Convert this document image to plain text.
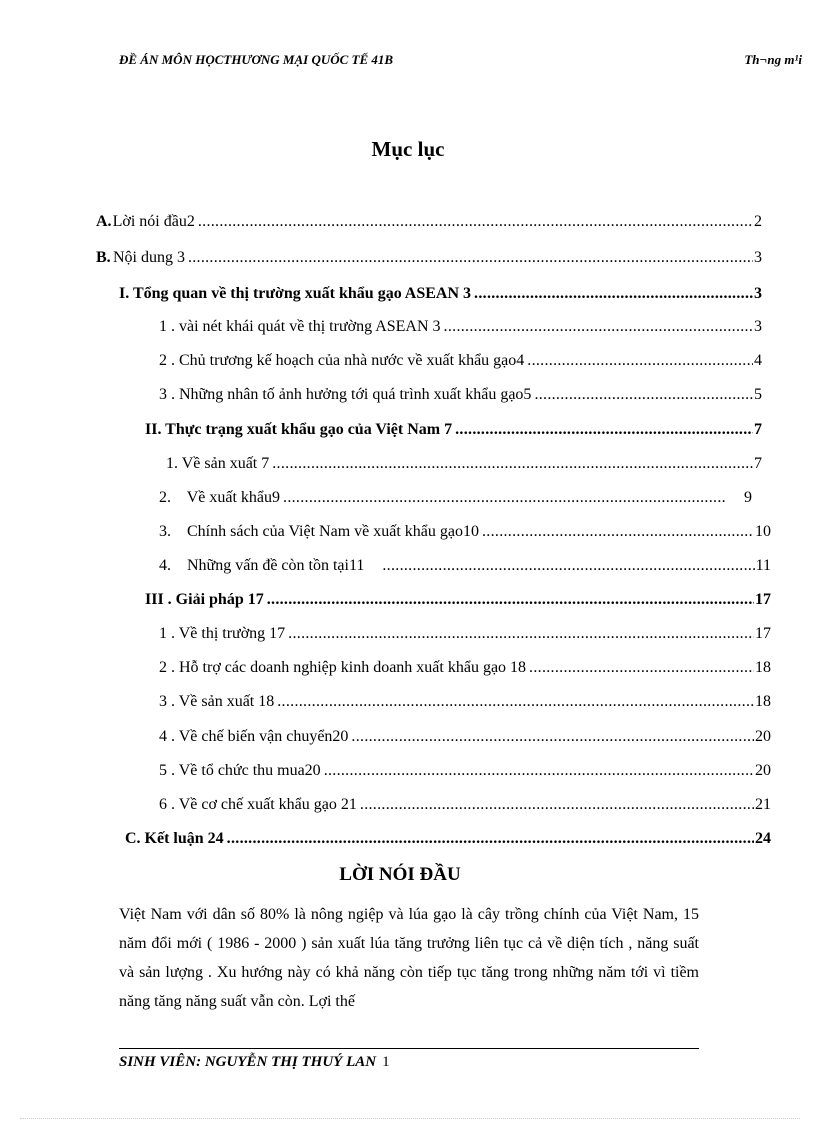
ĐỀ ÁN MÔN HỌCTHƯƠNG MẠI QUỐC TẾ 41B	Th¬ng m¹i
Mục lục
A. Lời nói đầu2 .....	2
B. Nội dung 3 .....	3
I. Tổng quan về thị trường xuất khẩu gạo ASEAN 3 .....	3
1 . vài nét khái quát về thị trường ASEAN 3 .....	3
2 . Chủ trương kế hoạch của nhà nước về xuất khẩu gạo4 .....	4
3 . Những nhân tố ảnh hưởng tới quá trình xuất khẩu gạo5 .....	5
II. Thực trạng xuất khẩu gạo của Việt Nam 7 .....	7
1. Về sản xuất 7 .....	7
2.    Về xuất khẩu9 .....	9
3.    Chính sách của Việt Nam về xuất khẩu gạo10 .....	10
4.    Những vấn đề còn tồn tại11 .....	11
III . Giải pháp 17 .....	17
1 . Về thị trường 17 .....	17
2 . Hỗ trợ các doanh nghiệp kinh doanh xuất khẩu gạo 18 .....	18
3 . Về sản xuất 18 .....	18
4 . Về chế biến vận chuyển20 .....	20
5 . Về tổ chức thu mua20 .....	20
6 . Về cơ chế xuất khẩu gạo 21 .....	21
C. Kết luận 24 .....	24
LỜI NÓI ĐẦU

Việt Nam với dân số 80% là nông ngiệp và lúa gạo là cây trồng chính của Việt Nam, 15 năm đổi mới ( 1986 - 2000 ) sản xuất lúa tăng trưởng liên tục cả về diện tích , năng suất và sản lượng . Xu hướng này có khả năng còn tiếp tục tăng trong những năm tới vì tiềm năng tăng năng suất vẫn còn. Lợi thế

SINH VIÊN: NGUYỄN THỊ THUÝ LAN 1
